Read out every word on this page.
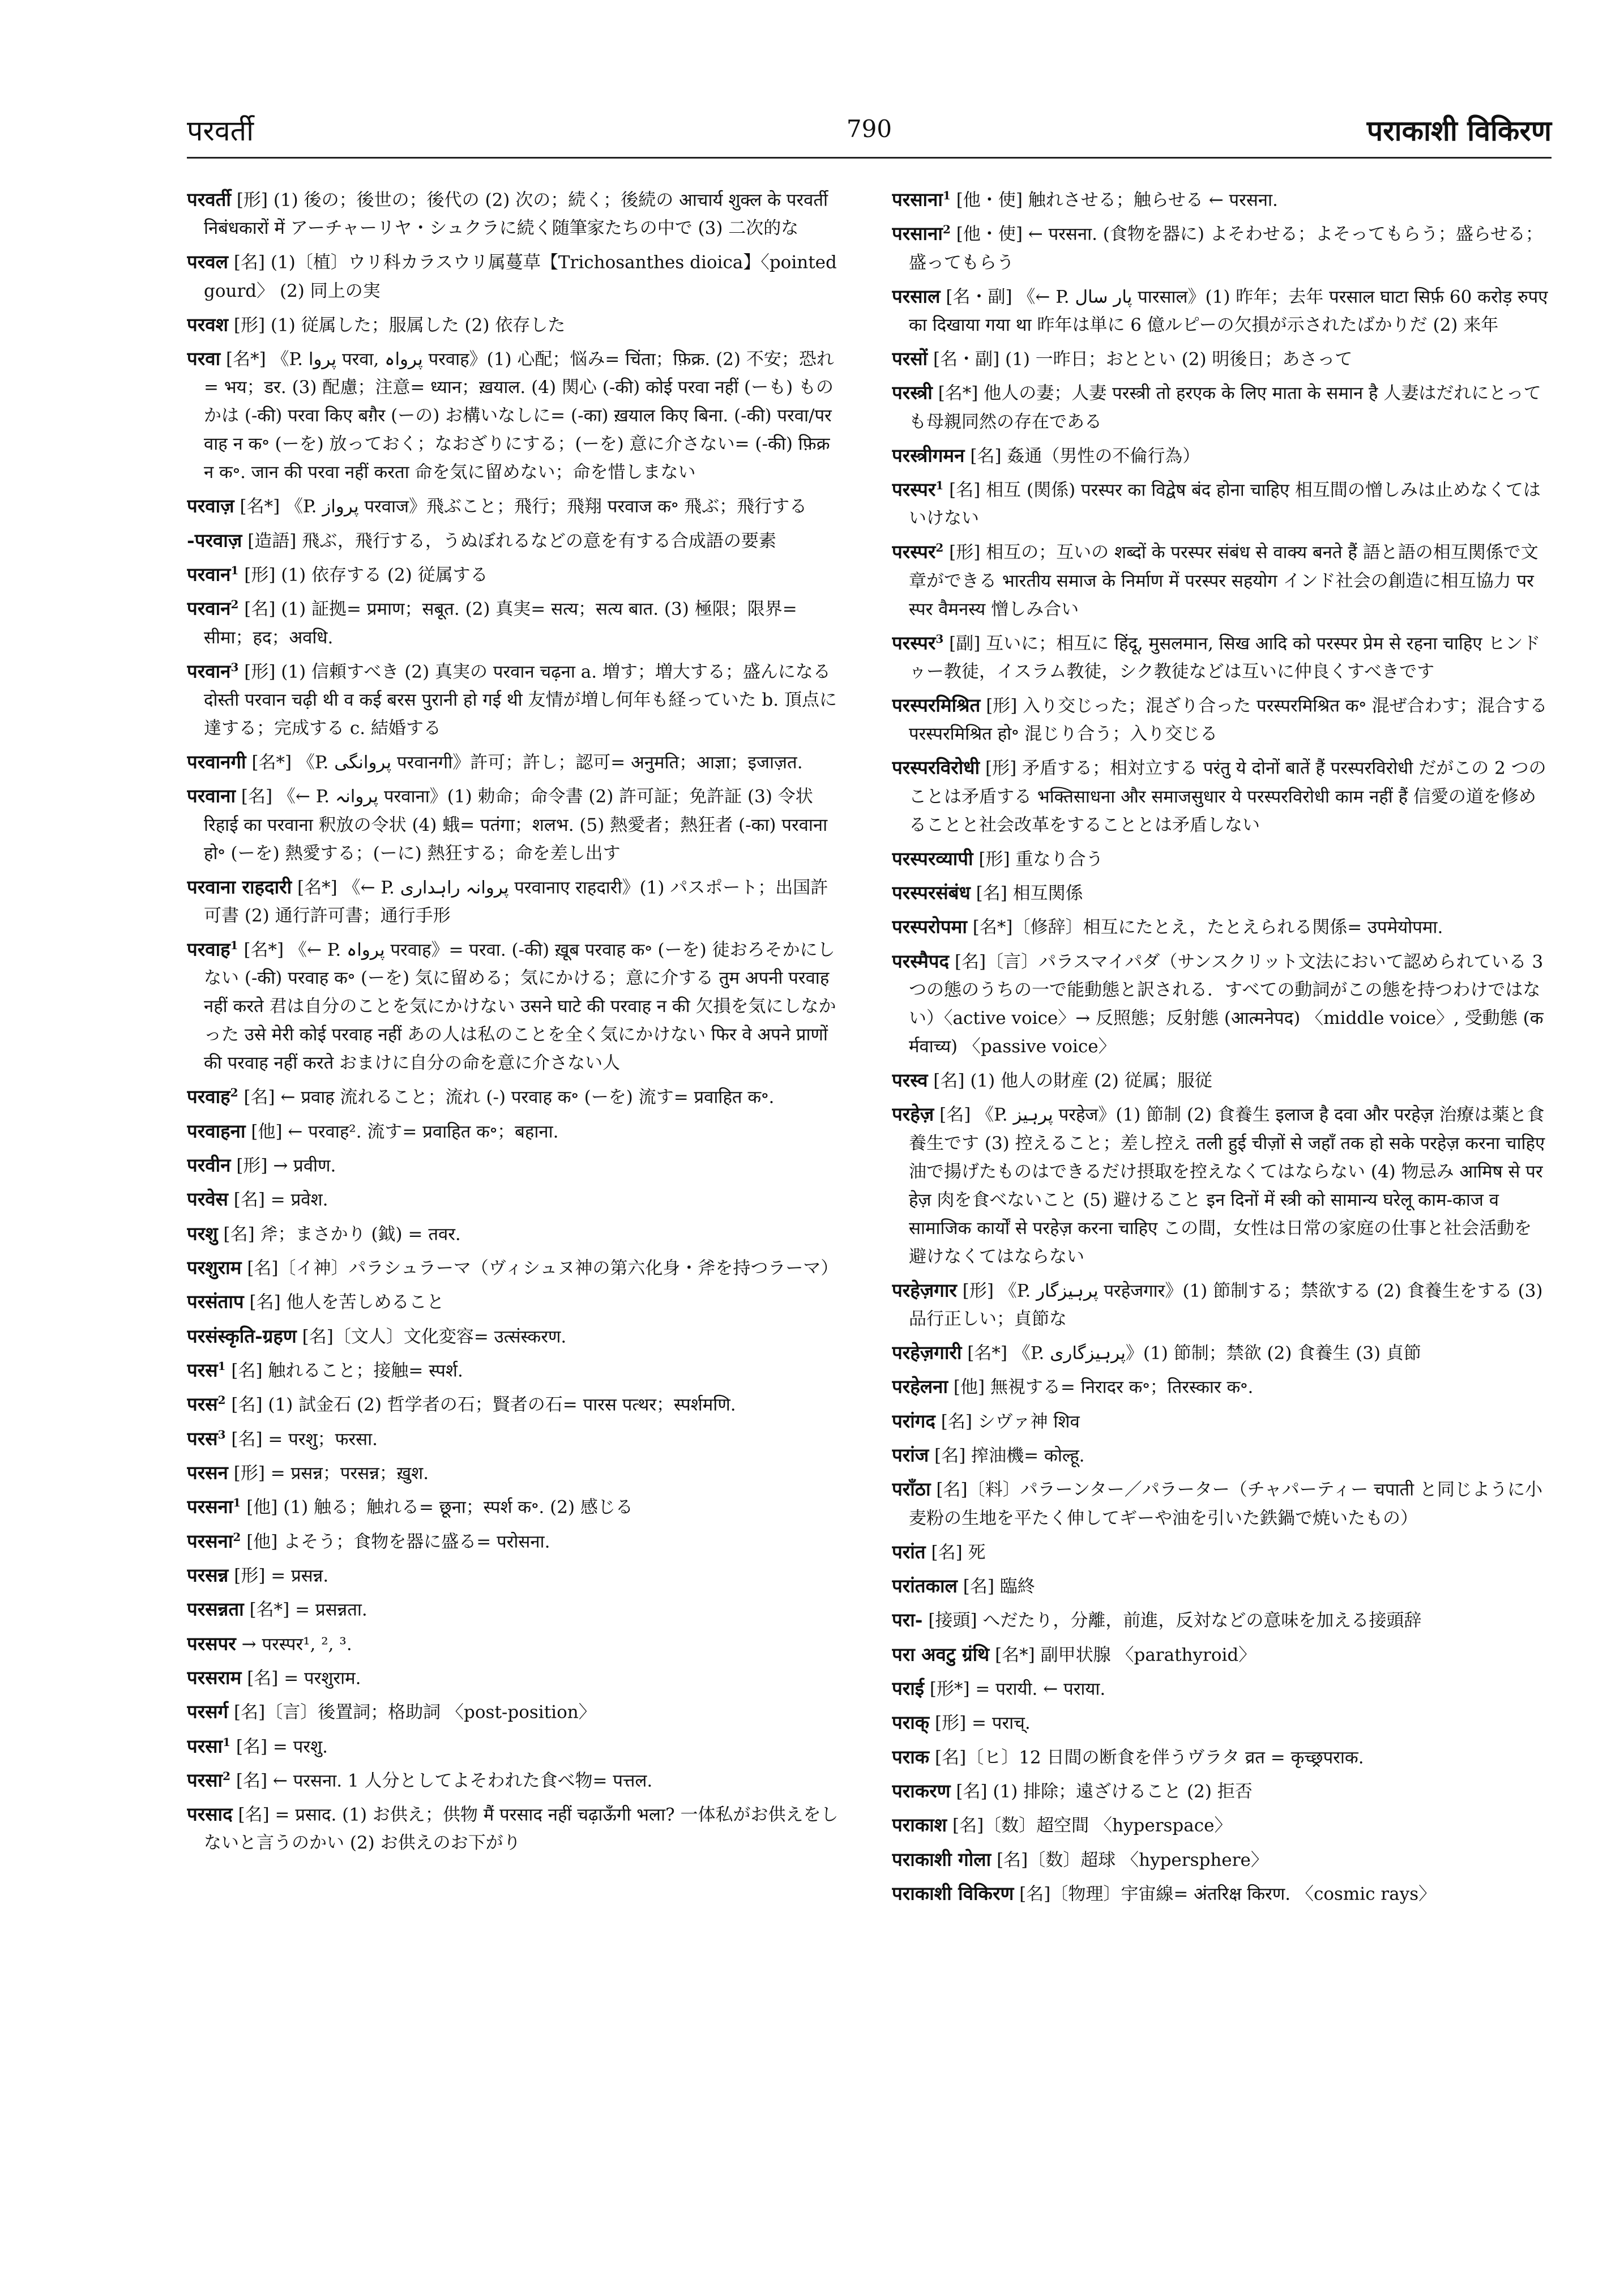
परवर्ती	790	पराकाशी विकिरण

परवर्ती [形] (1) 後の；後世の；後代の (2) 次の；続く；後続の आचार्य शुक्ल के परवर्ती निबंधकारों में アーチャーリヤ・シュクラに続く随筆家たちの中で (3) 二次的な

परवल [名] (1)〔植〕ウリ科カラスウリ属蔓草【Trichosanthes dioica】〈pointed gourd〉 (2) 同上の実

परवश [形] (1) 従属した；服属した (2) 依存した

परवा [名*] 《P. پروا परवा, پرواہ परवाह》(1) 心配；悩み= चिंता；फ़िक्र. (2) 不安；恐れ= भय；डर. (3) 配慮；注意= ध्यान；ख़याल. (4) 関心 (-की) कोई परवा नहीं (ーも) ものかは (-की) परवा किए बग़ैर (ーの) お構いなしに= (-का) ख़याल किए बिना. (-की) परवा/परवाह न क॰ (ーを) 放っておく；なおざりにする；(ーを) 意に介さない= (-की) फ़िक्र न क॰. जान की परवा नहीं करता 命を気に留めない；命を惜しまない

परवाज़ [名*] 《P. پرواز परवाज》飛ぶこと；飛行；飛翔 परवाज क॰ 飛ぶ；飛行する

-परवाज़ [造語] 飛ぶ，飛行する，うぬぼれるなどの意を有する合成語の要素

परवान$^1$ [形] (1) 依存する (2) 従属する

परवान$^2$ [名] (1) 証拠= प्रमाण；सबूत. (2) 真実= सत्य；सत्य बात. (3) 極限；限界= सीमा；हद；अवधि.

परवान$^3$ [形] (1) 信頼すべき (2) 真実の परवान चढ़ना a. 増す；増大する；盛んになる दोस्ती परवान चढ़ी थी व कई बरस पुरानी हो गई थी 友情が増し何年も経っていた b. 頂点に達する；完成する c. 結婚する

परवानगी [名*] 《P. پروانگی परवानगी》許可；許し；認可= अनुमति；आज्ञा；इजाज़त.

परवाना [名] 《← P. پروانہ परवाना》(1) 勅命；命令書 (2) 許可証；免許証 (3) 令状 रिहाई का परवाना 釈放の令状 (4) 蛾= पतंगा；शलभ. (5) 熱愛者；熱狂者 (-का) परवाना हो॰ (ーを) 熱愛する；(ーに) 熱狂する；命を差し出す

परवाना राहदारी [名*] 《← P. پروانہ راہداری परवानाए राहदारी》(1) パスポート；出国許可書 (2) 通行許可書；通行手形

परवाह$^1$ [名*] 《← P. پرواہ परवाह》= परवा. (-की) ख़ूब परवाह क॰ (ーを) 徒おろそかにしない (-की) परवाह क॰ (ーを) 気に留める；気にかける；意に介する तुम अपनी परवाह नहीं करते 君は自分のことを気にかけない उसने घाटे की परवाह न की 欠損を気にしなかった उसे मेरी कोई परवाह नहीं あの人は私のことを全く気にかけない फिर वे अपने प्राणों की परवाह नहीं करते おまけに自分の命を意に介さない人

परवाह$^2$ [名] ← प्रवाह 流れること；流れ (-) परवाह क॰ (ーを) 流す= प्रवाहित क॰.

परवाहना [他] ← परवाह². 流す= प्रवाहित क॰；बहाना.

परवीन [形] → प्रवीण.

परवेस [名] = प्रवेश.

परशु [名] 斧；まさかり (鉞) = तवर.

परशुराम [名]〔イ神〕パラシュラーマ（ヴィシュヌ神の第六化身・斧を持つラーマ）

परसंताप [名] 他人を苦しめること

परसंस्कृति-ग्रहण [名]〔文人〕文化変容= उत्संस्करण.

परस$^1$ [名] 触れること；接触= स्पर्श.

परस$^2$ [名] (1) 試金石 (2) 哲学者の石；賢者の石= पारस पत्थर；स्पर्शमणि.

परस$^3$ [名] = परशु；फरसा.

परसन [形] = प्रसन्न；परसन्न；ख़ुश.

परसना$^1$ [他] (1) 触る；触れる= छूना；स्पर्श क॰. (2) 感じる

परसना$^2$ [他] よそう；食物を器に盛る= परोसना.

परसन्न [形] = प्रसन्न.

परसन्नता [名*] = प्रसन्नता.

परसपर → परस्पर¹, ², ³.

परसराम [名] = परशुराम.

परसर्ग [名]〔言〕後置詞；格助詞 〈post-position〉

परसा$^1$ [名] = परशु.

परसा$^2$ [名] ← परसना. 1 人分としてよそわれた食べ物= पत्तल.

परसाद [名] = प्रसाद. (1) お供え；供物 मैं परसाद नहीं चढ़ाऊँगी भला? 一体私がお供えをしないと言うのかい (2) お供えのお下がり

परसाना$^1$ [他・使] 触れさせる；触らせる ← परसना.

परसाना$^2$ [他・使] ← परसना. (食物を器に) よそわせる；よそってもらう；盛らせる；盛ってもらう

परसाल [名・副] 《← P. پار سال पारसाल》(1) 昨年；去年 परसाल घाटा सिर्फ़ 60 करोड़ रुपए का दिखाया गया था 昨年は単に 6 億ルピーの欠損が示されたばかりだ (2) 来年

परसों [名・副] (1) 一昨日；おととい (2) 明後日；あさって

परस्त्री [名*] 他人の妻；人妻 परस्त्री तो हरएक के लिए माता के समान है 人妻はだれにとっても母親同然の存在である

परस्त्रीगमन [名] 姦通（男性の不倫行為）

परस्पर$^1$ [名] 相互 (関係) परस्पर का विद्वेष बंद होना चाहिए 相互間の憎しみは止めなくてはいけない

परस्पर$^2$ [形] 相互の；互いの शब्दों के परस्पर संबंध से वाक्य बनते हैं 語と語の相互関係で文章ができる भारतीय समाज के निर्माण में परस्पर सहयोग インド社会の創造に相互協力 परस्पर वैमनस्य 憎しみ合い

परस्पर$^3$ [副] 互いに；相互に हिंदू, मुसलमान, सिख आदि को परस्पर प्रेम से रहना चाहिए ヒンドゥー教徒，イスラム教徒，シク教徒などは互いに仲良くすべきです

परस्परमिश्रित [形] 入り交じった；混ざり合った परस्परमिश्रित क॰ 混ぜ合わす；混合する परस्परमिश्रित हो॰ 混じり合う；入り交じる

परस्परविरोधी [形] 矛盾する；相対立する परंतु ये दोनों बातें हैं परस्परविरोधी だがこの 2 つのことは矛盾する भक्तिसाधना और समाजसुधार ये परस्परविरोधी काम नहीं हैं 信愛の道を修めることと社会改革をすることとは矛盾しない

परस्परव्यापी [形] 重なり合う

परस्परसंबंध [名] 相互関係

परस्परोपमा [名*]〔修辞〕相互にたとえ，たとえられる関係= उपमेयोपमा.

परस्मैपद [名]〔言〕パラスマイパダ（サンスクリット文法において認められている 3 つの態のうちの一で能動態と訳される．すべての動詞がこの態を持つわけではない）〈active voice〉→ 反照態；反射態 (आत्मनेपद) 〈middle voice〉, 受動態 (कर्मवाच्य) 〈passive voice〉

परस्व [名] (1) 他人の財産 (2) 従属；服従

परहेज़ [名] 《P. پرہیز परहेज》(1) 節制 (2) 食養生 इलाज है दवा और परहेज़ 治療は薬と食養生です (3) 控えること；差し控え तली हुई चीज़ों से जहाँ तक हो सके परहेज़ करना चाहिए 油で揚げたものはできるだけ摂取を控えなくてはならない (4) 物忌み आमिष से परहेज़ 肉を食べないこと (5) 避けること इन दिनों में स्त्री को सामान्य घरेलू काम-काज व सामाजिक कार्यों से परहेज़ करना चाहिए この間，女性は日常の家庭の仕事と社会活動を避けなくてはならない

परहेज़गार [形] 《P. پرہیزگار परहेजगार》(1) 節制する；禁欲する (2) 食養生をする (3) 品行正しい；貞節な

परहेज़गारी [名*] 《P. پرہیزگاری》(1) 節制；禁欲 (2) 食養生 (3) 貞節

परहेलना [他] 無視する= निरादर क॰；तिरस्कार क॰.

परांगद [名] シヴァ神 शिव

परांज [名] 搾油機= कोल्हू.

पराँठा [名]〔料〕パラーンター／パラーター（チャパーティー चपाती と同じように小麦粉の生地を平たく伸してギーや油を引いた鉄鍋で焼いたもの）

परांत [名] 死

परांतकाल [名] 臨終

परा- [接頭] へだたり，分離，前進，反対などの意味を加える接頭辞

परा अवटु ग्रंथि [名*] 副甲状腺 〈parathyroid〉

पराई [形*] = परायी. ← पराया.

पराक् [形] = पराच्.

पराक [名]〔ヒ〕12 日間の断食を伴うヴラタ व्रत = कृच्छ्रपराक.

पराकरण [名] (1) 排除；遠ざけること (2) 拒否

पराकाश [名]〔数〕超空間 〈hyperspace〉

पराकाशी गोला [名]〔数〕超球 〈hypersphere〉

पराकाशी विकिरण [名]〔物理〕宇宙線= अंतरिक्ष किरण. 〈cosmic rays〉
